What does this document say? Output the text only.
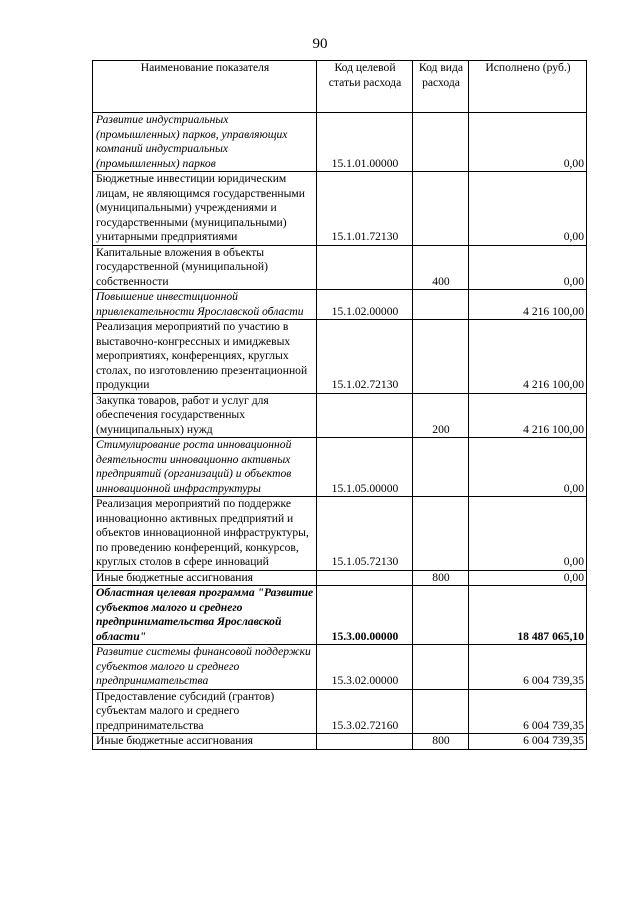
90
Наименование показателя	Код целевой статьи расхода	Код вида расхода	Исполнено (руб.)
Развитие индустриальных (промышленных) парков, управляющих компаний индустриальных (промышленных) парков	15.1.01.00000		0,00
Бюджетные инвестиции юридическим лицам, не являющимся государственными (муниципальными) учреждениями и государственными (муниципальными) унитарными предприятиями	15.1.01.72130		0,00
Капитальные вложения в объекты государственной (муниципальной) собственности		400	0,00
Повышение инвестиционной привлекательности Ярославской области	15.1.02.00000		4 216 100,00
Реализация мероприятий по участию в выставочно-конгрессных и имиджевых мероприятиях, конференциях, круглых столах, по изготовлению презентационной продукции	15.1.02.72130		4 216 100,00
Закупка товаров, работ и услуг для обеспечения государственных (муниципальных) нужд		200	4 216 100,00
Стимулирование роста инновационной деятельности инновационно активных предприятий (организаций) и объектов инновационной инфраструктуры	15.1.05.00000		0,00
Реализация мероприятий по поддержке инновационно активных предприятий и объектов инновационной инфраструктуры, по проведению конференций, конкурсов, круглых столов в сфере инноваций	15.1.05.72130		0,00
Иные бюджетные ассигнования		800	0,00
Областная целевая программа "Развитие субъектов малого и среднего предпринимательства Ярославской области"	15.3.00.00000		18 487 065,10
Развитие системы финансовой поддержки субъектов малого и среднего предпринимательства	15.3.02.00000		6 004 739,35
Предоставление субсидий (грантов) субъектам малого и среднего предпринимательства	15.3.02.72160		6 004 739,35
Иные бюджетные ассигнования		800	6 004 739,35
